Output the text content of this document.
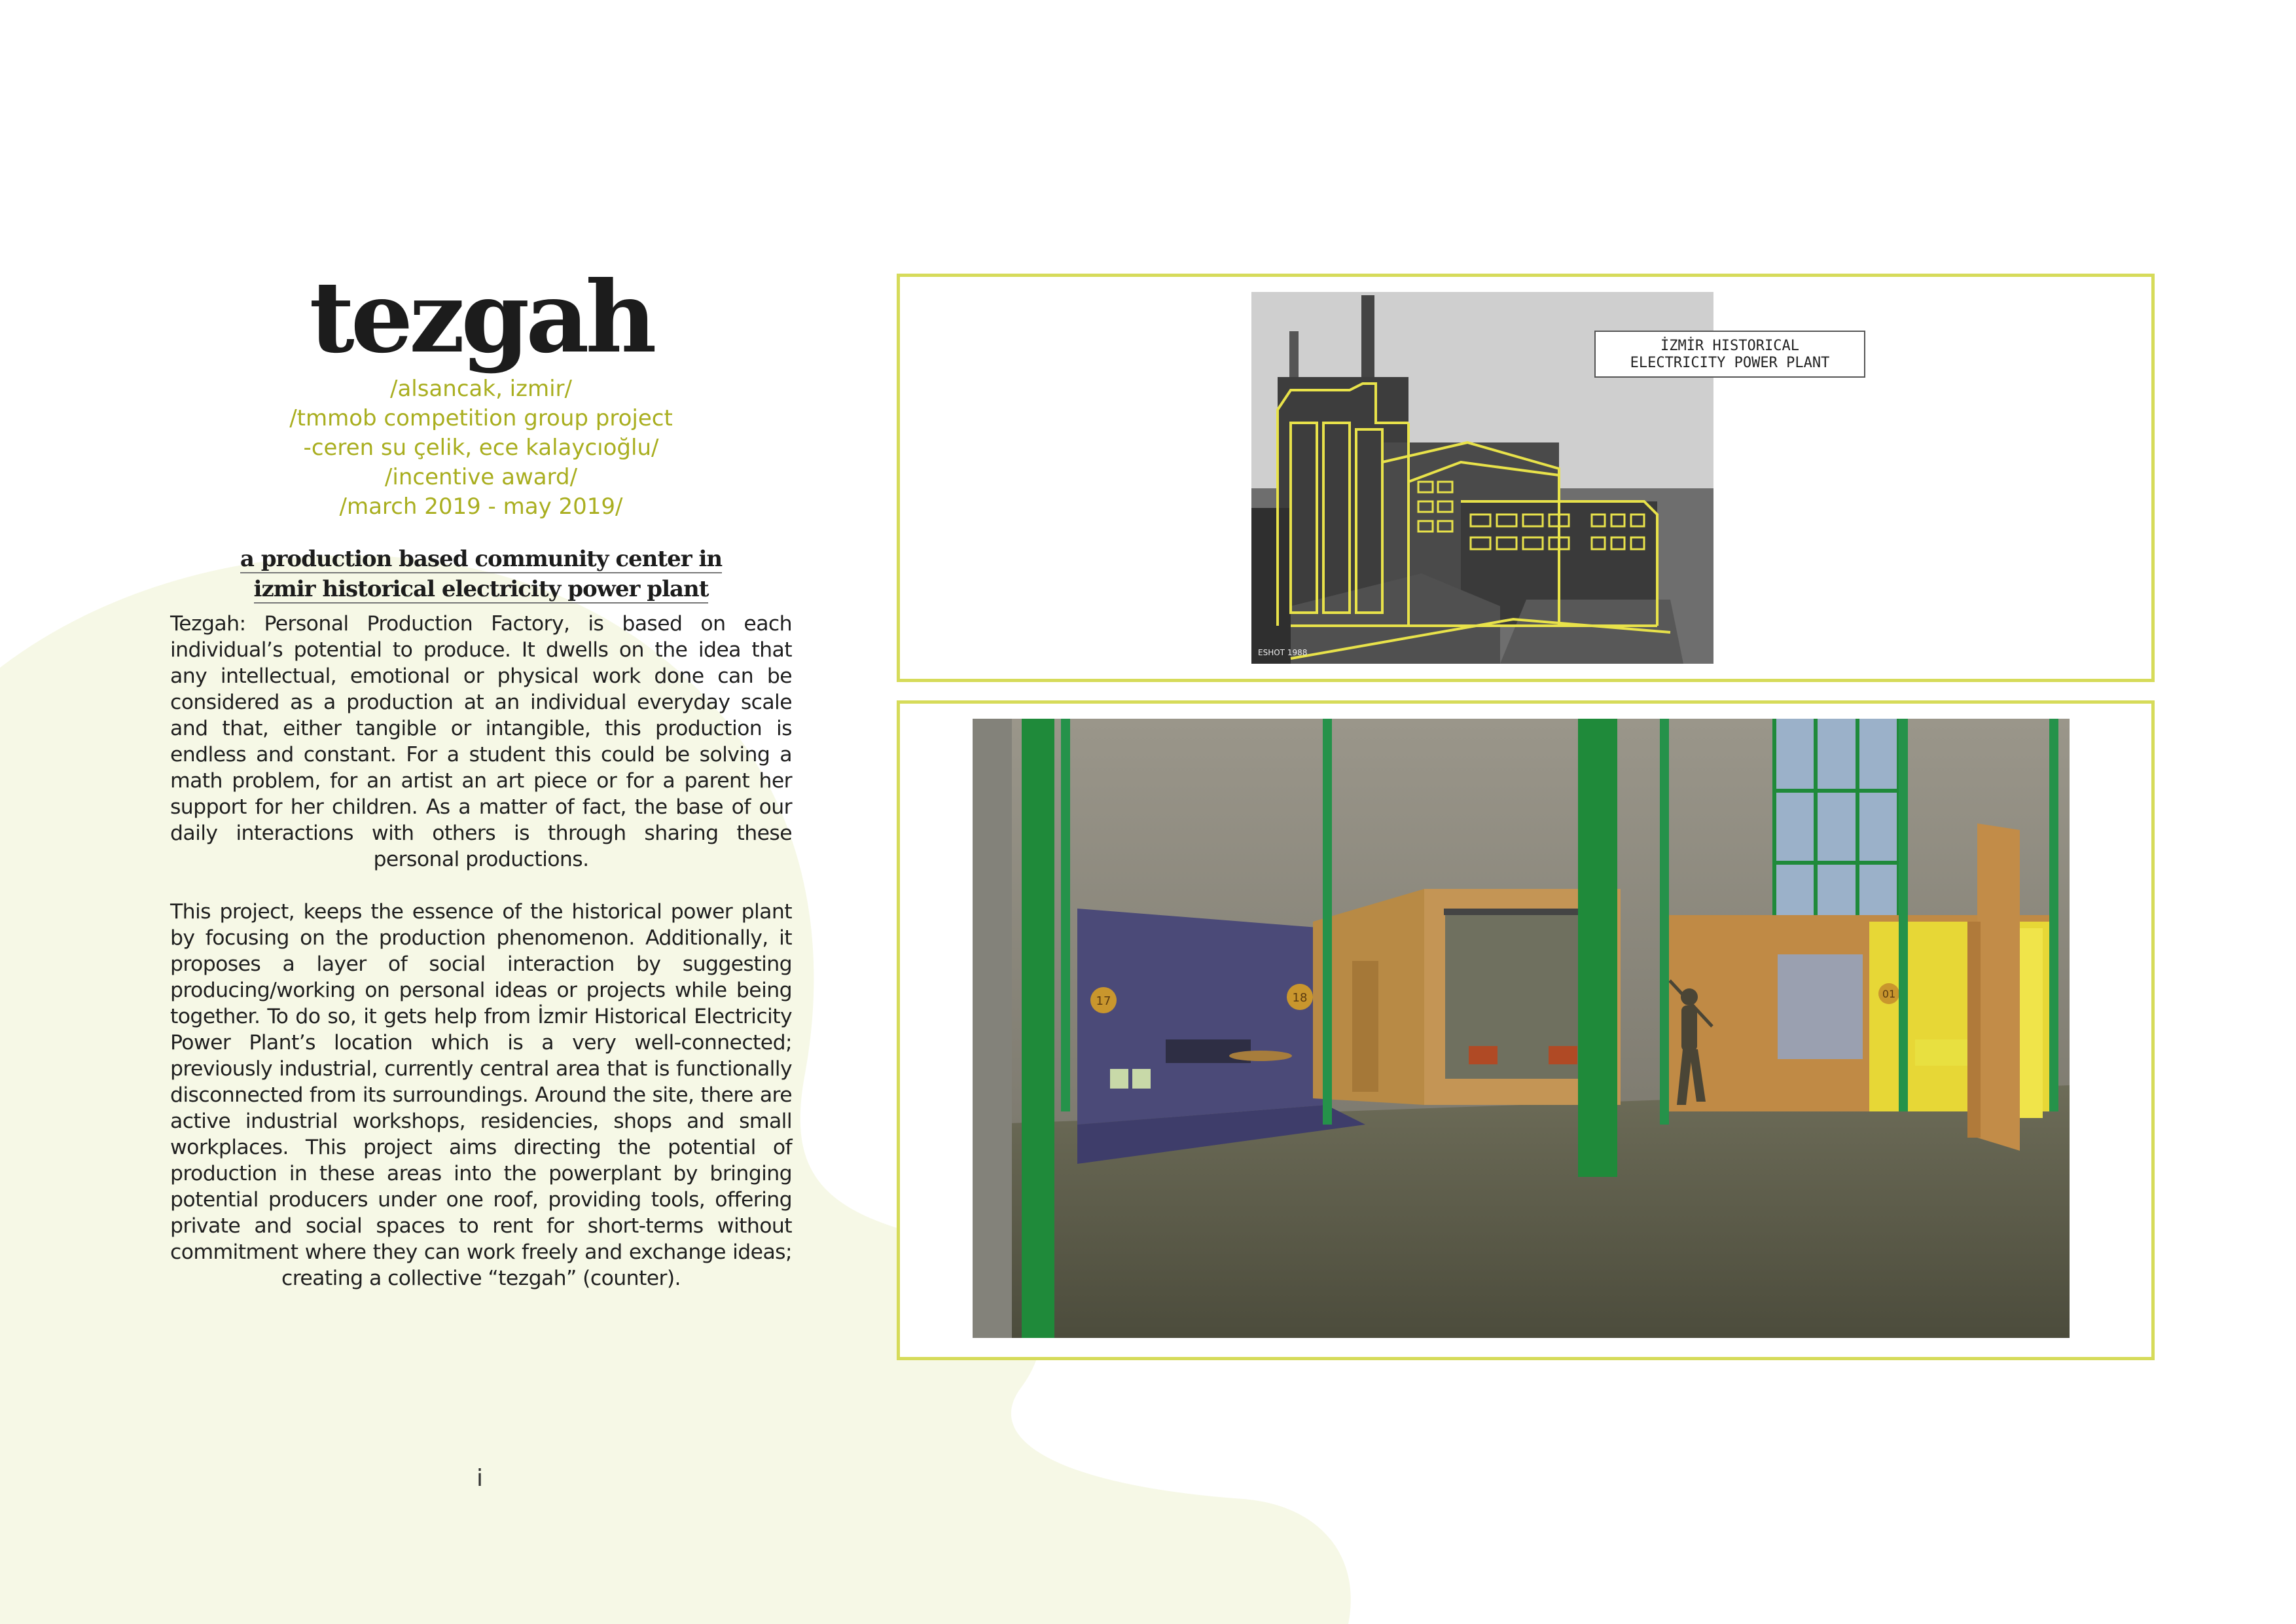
tezgah
/alsancak, izmir/
/tmmob competition group project
-ceren su çelik, ece kalaycıoğlu/
/incentive award/
/march 2019 - may 2019/
a production based community center in
izmir historical electricity power plant

Tezgah: Personal Production Factory, is based on each individual’s potential to produce. It dwells on the idea that any intellectual, emotional or physical work done can be considered as a production at an individual everyday scale and that, either tangible or intangible, this production is endless and constant. For a student this could be solving a math problem, for an artist an art piece or for a parent her support for her children. As a matter of fact, the base of our daily interactions with others is through sharing these personal productions.

This project, keeps the essence of the historical power plant by focusing on the production phenomenon. Additionally, it proposes a layer of social interaction by suggesting producing/working on personal ideas or projects while being together. To do so, it gets help from İzmir Historical Electricity Power Plant’s location which is a very well-connected; previously industrial, currently central area that is functionally disconnected from its surroundings. Around the site, there are active industrial workshops, residencies, shops and small workplaces. This project aims directing the potential of production in these areas into the powerplant by bringing potential producers under one roof, providing tools, offering private and social spaces to rent for short-terms without commitment where they can work freely and exchange ideas; creating a collective “tezgah” (counter).

i
ESHOT 1988
İZMİR HISTORICAL
ELECTRICITY POWER PLANT
17	18	01
